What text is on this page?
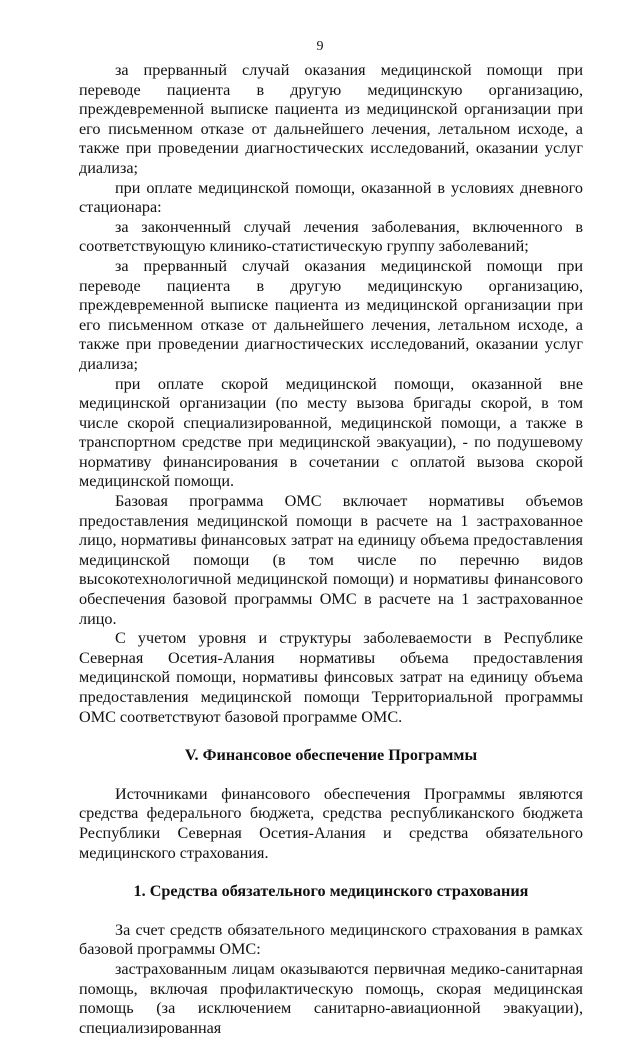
9

за прерванный случай оказания медицинской помощи при переводе пациента в другую медицинскую организацию, преждевременной выписке пациента из медицинской организации при его письменном отказе от дальнейшего лечения, летальном исходе, а также при проведении диагностических исследований, оказании услуг диализа;

при оплате медицинской помощи, оказанной в условиях дневного стационара:

за законченный случай лечения заболевания, включенного в соответствующую клинико-статистическую группу заболеваний;

за прерванный случай оказания медицинской помощи при переводе пациента в другую медицинскую организацию, преждевременной выписке пациента из медицинской организации при его письменном отказе от дальнейшего лечения, летальном исходе, а также при проведении диагностических исследований, оказании услуг диализа;

при оплате скорой медицинской помощи, оказанной вне медицинской организации (по месту вызова бригады скорой, в том числе скорой специализированной, медицинской помощи, а также в транспортном средстве при медицинской эвакуации), - по подушевому нормативу финансирования в сочетании с оплатой вызова скорой медицинской помощи.

Базовая программа ОМС включает нормативы объемов предоставления медицинской помощи в расчете на 1 застрахованное лицо, нормативы финансовых затрат на единицу объема предоставления медицинской помощи (в том числе по перечню видов высокотехнологичной медицинской помощи) и нормативы финансового обеспечения базовой программы ОМС в расчете на 1 застрахованное лицо.

С учетом уровня и структуры заболеваемости в Республике Северная Осетия-Алания нормативы объема предоставления медицинской помощи, нормативы финсовых затрат на единицу объема предоставления медицинской помощи Территориальной программы ОМС соответствуют базовой программе ОМС.

V. Финансовое обеспечение Программы

Источниками финансового обеспечения Программы являются средства федерального бюджета, средства республиканского бюджета Республики Северная Осетия-Алания и средства обязательного медицинского страхования.

1. Средства обязательного медицинского страхования

За счет средств обязательного медицинского страхования в рамках базовой программы ОМС:

застрахованным лицам оказываются первичная медико-санитарная помощь, включая профилактическую помощь, скорая медицинская помощь (за исключением санитарно-авиационной эвакуации), специализированная
